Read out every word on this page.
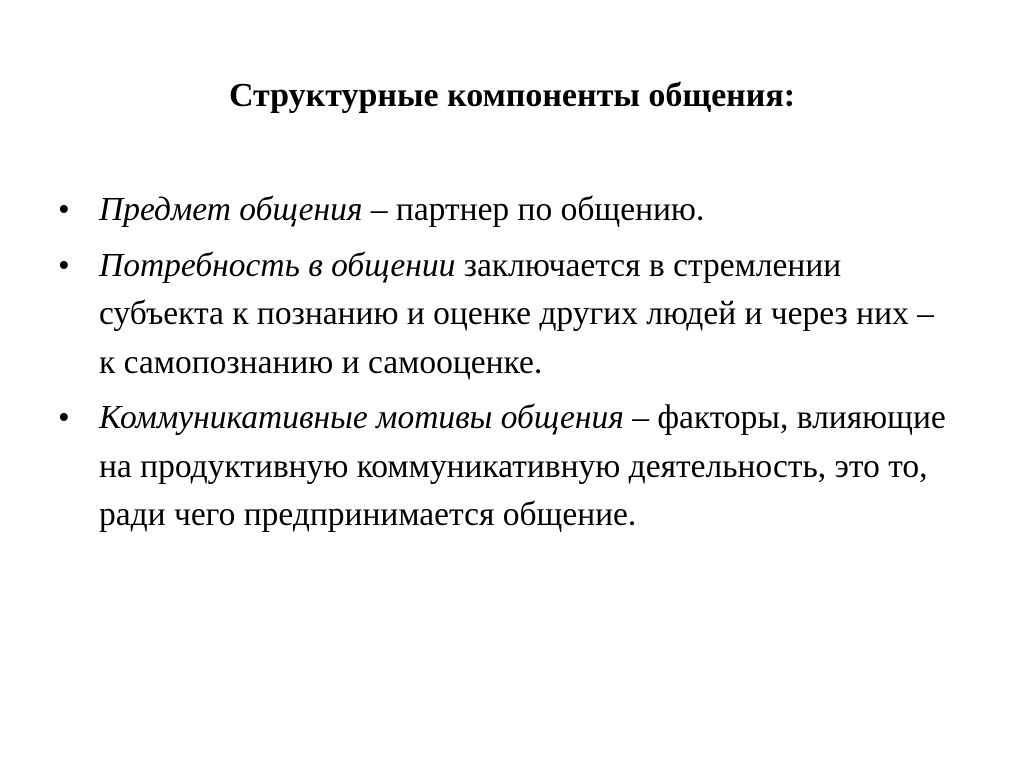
Структурные компоненты общения:
• Предмет общения – партнер по общению.
• Потребность в общении заключается в стремлении субъекта к познанию и оценке других людей и через них – к самопознанию и самооценке.
• Коммуникативные мотивы общения – факторы, влияющие на продуктивную коммуникативную деятельность, это то, ради чего предпринимается общение.
